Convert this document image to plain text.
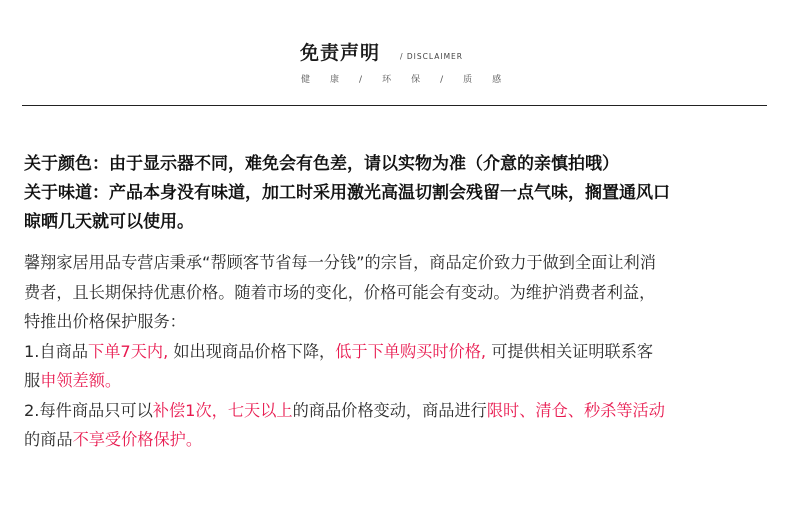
免责声明	/ DISCLAIMER
健 康 / 环 保 / 质 感

关于颜色：由于显示器不同，难免会有色差，请以实物为准（介意的亲慎拍哦）

关于味道：产品本身没有味道，加工时采用激光高温切割会残留一点气味，搁置通风口

晾晒几天就可以使用。

馨翔家居用品专营店秉承“帮顾客节省每一分钱”的宗旨，商品定价致力于做到全面让利消

费者，且长期保持优惠价格。随着市场的变化，价格可能会有变动。为维护消费者利益，

特推出价格保护服务：

1.自商品下单7天内, 如出现商品价格下降，低于下单购买时价格, 可提供相关证明联系客

服申领差额。

2.每件商品只可以补偿1次，七天以上的商品价格变动，商品进行限时、清仓、秒杀等活动

的商品不享受价格保护。
